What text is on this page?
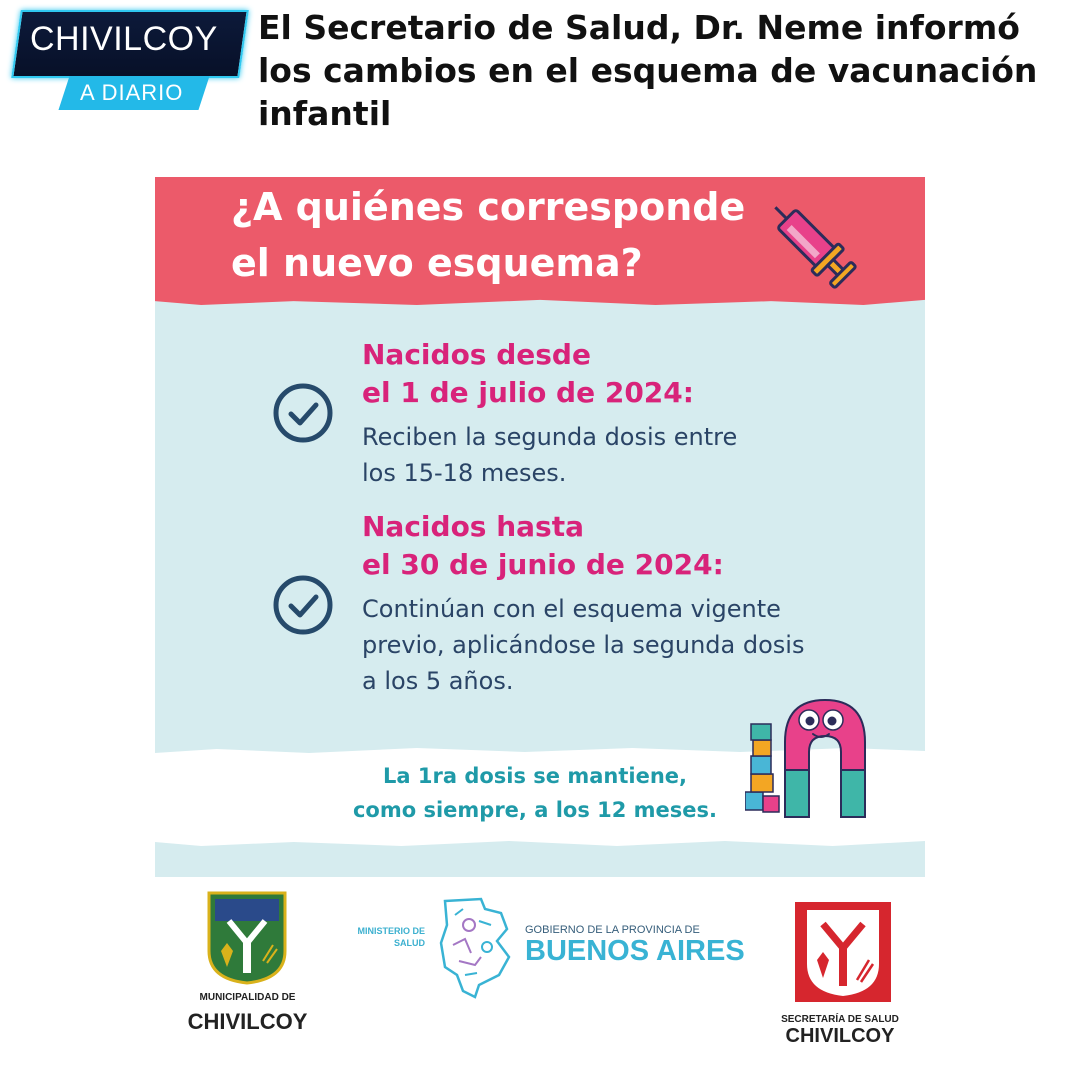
CHIVILCOY
A DIARIO
El Secretario de Salud, Dr. Neme informó los cambios en el esquema de vacunación infantil
¿A quiénes corresponde
el nuevo esquema?
Nacidos desde
el 1 de julio de 2024:
Reciben la segunda dosis entre
los 15-18 meses.
Nacidos hasta
el 30 de junio de 2024:
Continúan con el esquema vigente
previo, aplicándose la segunda dosis
a los 5 años.
La 1ra dosis se mantiene,
como siempre, a los 12 meses.
MUNICIPALIDAD DE
CHIVILCOY
MINISTERIO DE
SALUD
GOBIERNO DE LA PROVINCIA DE
BUENOS AIRES
SECRETARÍA DE SALUD
CHIVILCOY
